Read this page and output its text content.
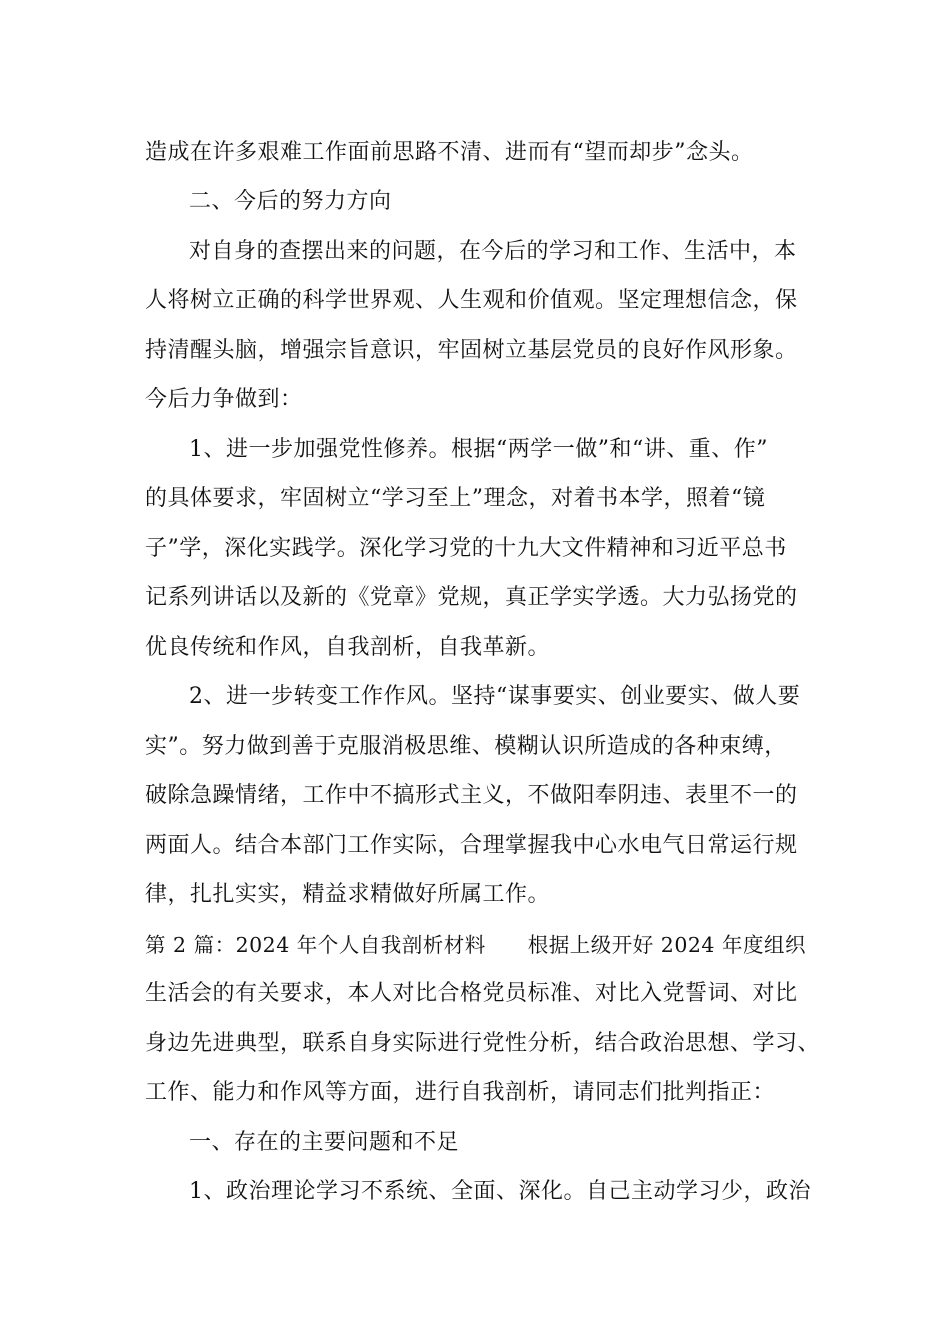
造成在许多艰难工作面前思路不清、进而有“望而却步”念头。

二、今后的努力方向

对自身的查摆出来的问题，在今后的学习和工作、生活中，本

人将树立正确的科学世界观、人生观和价值观。坚定理想信念，保

持清醒头脑，增强宗旨意识，牢固树立基层党员的良好作风形象。

今后力争做到：

1、进一步加强党性修养。根据“两学一做”和“讲、重、作”

的具体要求，牢固树立“学习至上”理念，对着书本学，照着“镜

子”学，深化实践学。深化学习党的十九大文件精神和习近平总书

记系列讲话以及新的《党章》党规，真正学实学透。大力弘扬党的

优良传统和作风，自我剖析，自我革新。

2、进一步转变工作作风。坚持“谋事要实、创业要实、做人要

实”。努力做到善于克服消极思维、模糊认识所造成的各种束缚，

破除急躁情绪，工作中不搞形式主义，不做阳奉阴违、表里不一的

两面人。结合本部门工作实际，合理掌握我中心水电气日常运行规

律，扎扎实实，精益求精做好所属工作。

第 2 篇：2024 年个人自我剖析材料　　根据上级开好 2024 年度组织

生活会的有关要求，本人对比合格党员标准、对比入党誓词、对比

身边先进典型，联系自身实际进行党性分析，结合政治思想、学习、

工作、能力和作风等方面，进行自我剖析，请同志们批判指正：

一、存在的主要问题和不足

1、政治理论学习不系统、全面、深化。自己主动学习少，政治
